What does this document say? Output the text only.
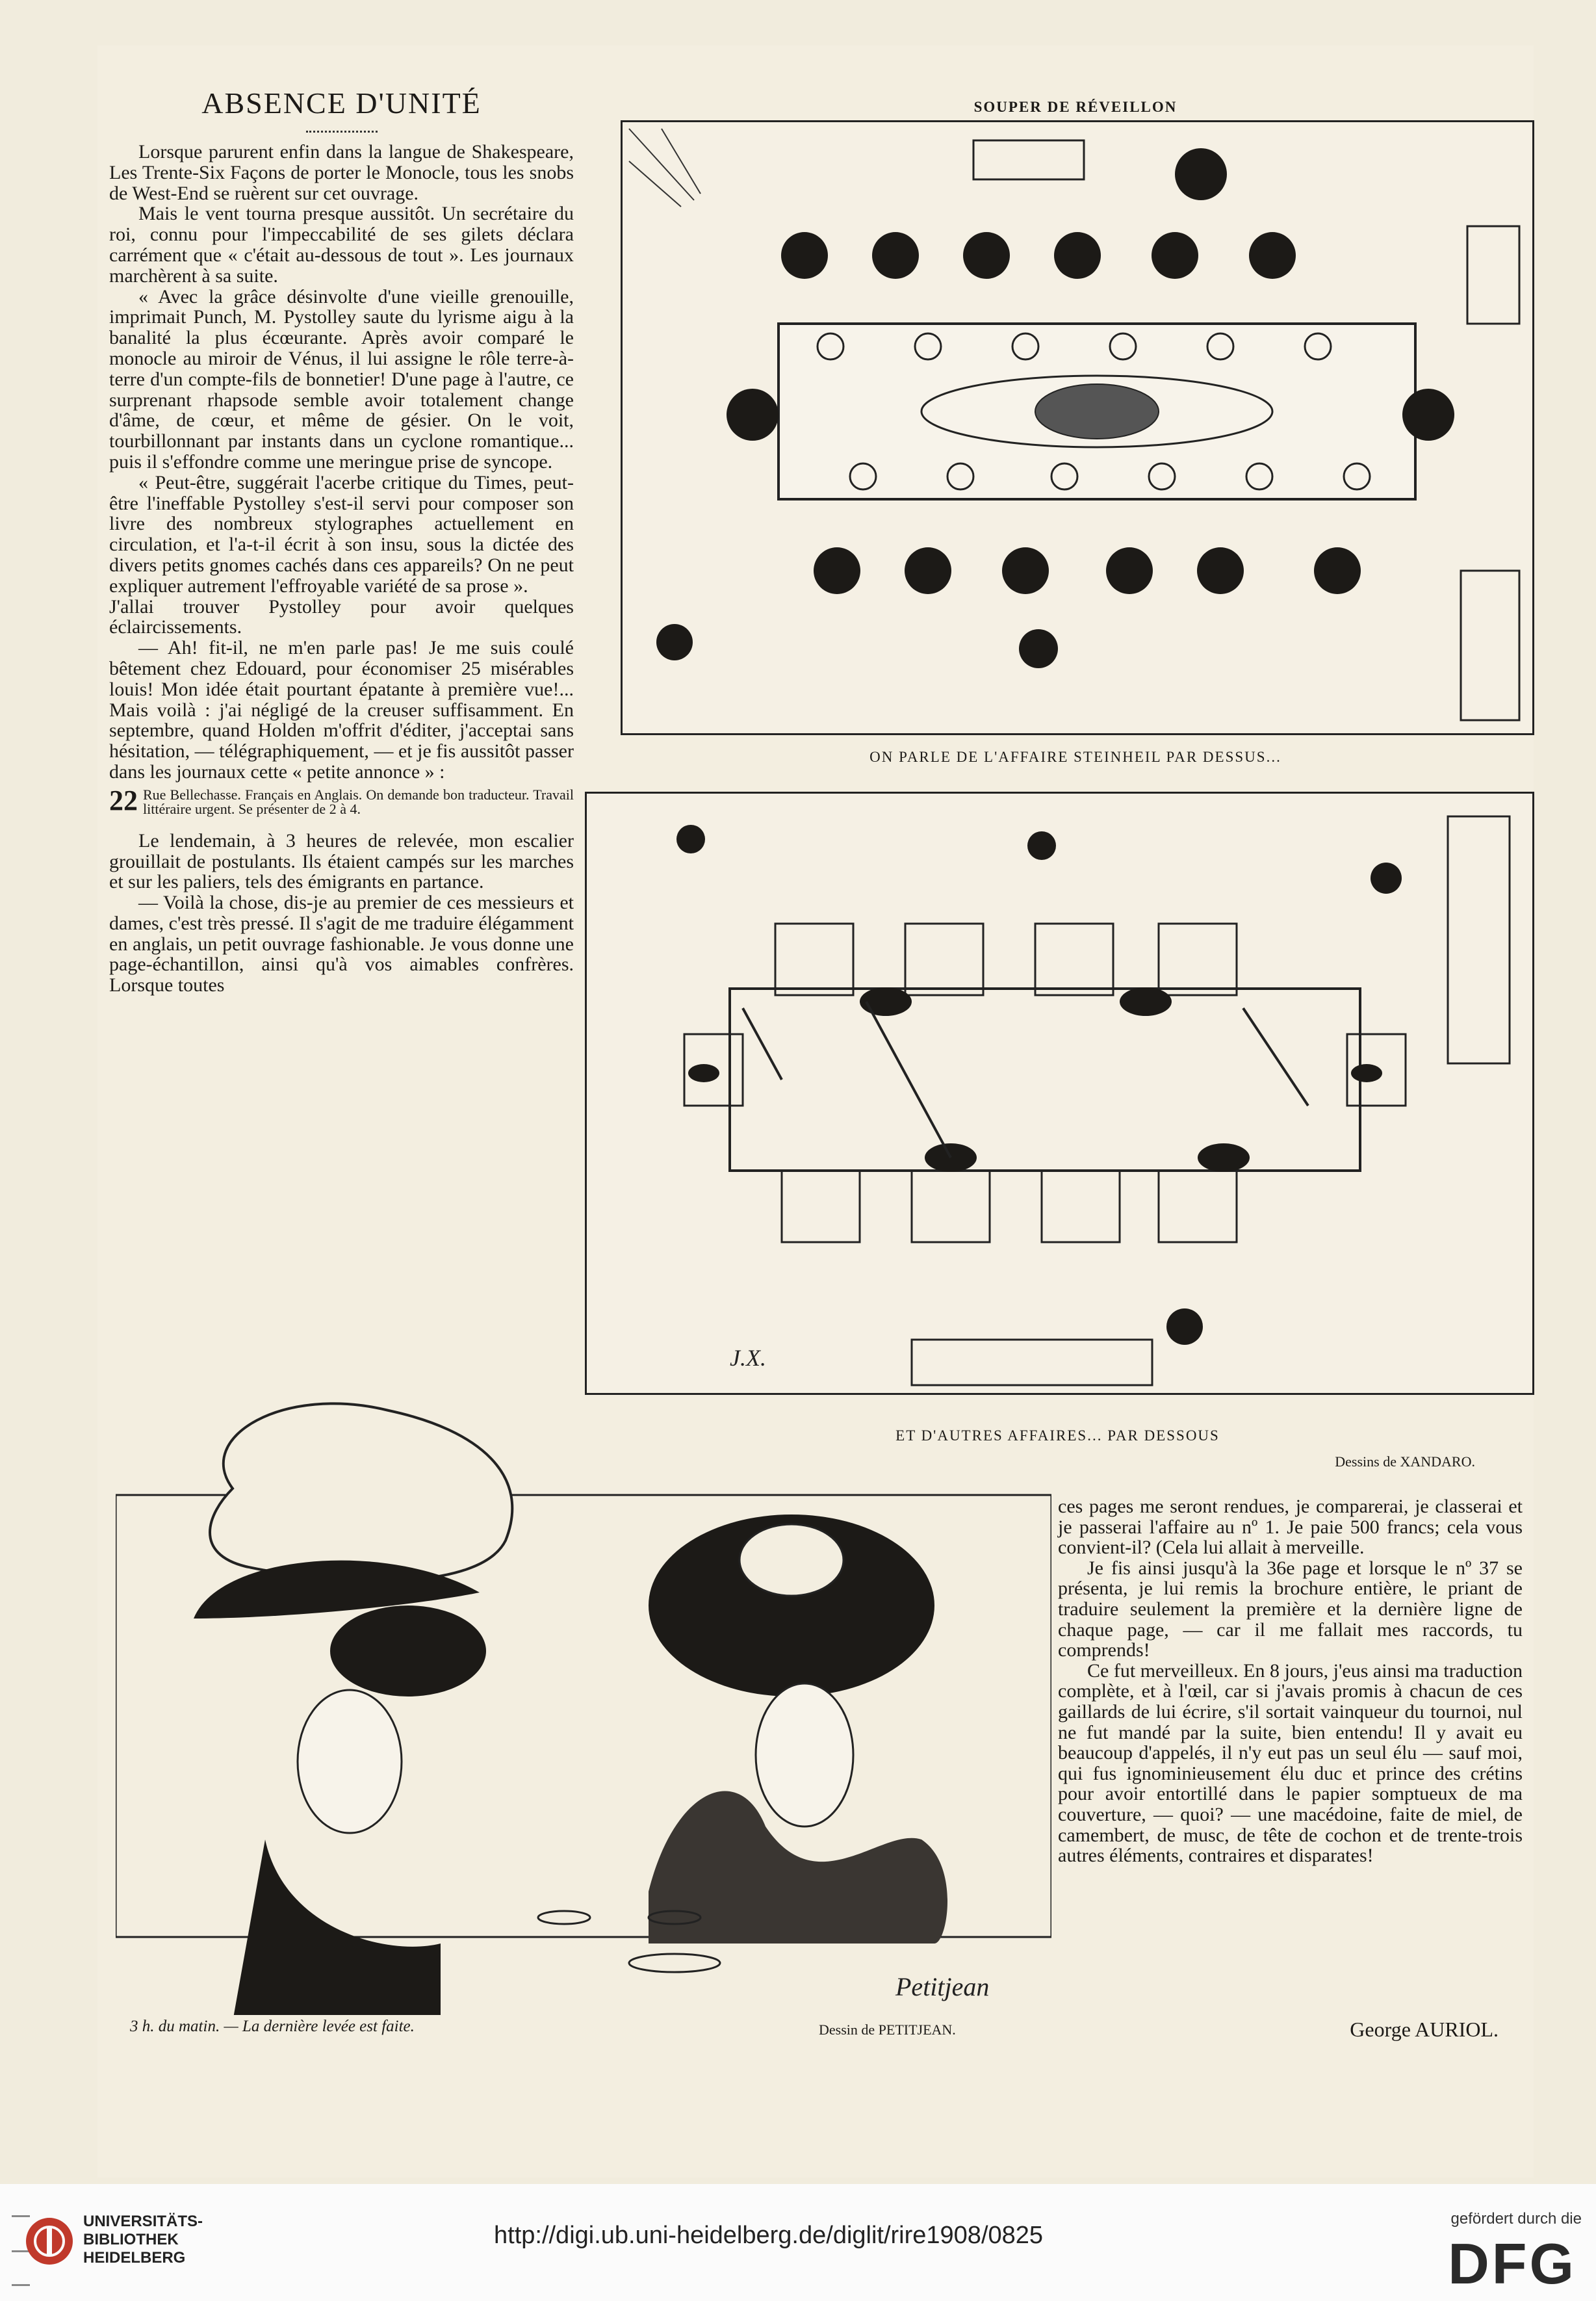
ABSENCE D'UNITÉ

Lorsque parurent enfin dans la langue de Shakespeare, Les Trente-Six Façons de porter le Monocle, tous les snobs de West-End se ruèrent sur cet ouvrage.

Mais le vent tourna presque aussitôt. Un secrétaire du roi, connu pour l'impeccabilité de ses gilets déclara carrément que « c'était au-dessous de tout ». Les journaux marchèrent à sa suite.

« Avec la grâce désinvolte d'une vieille grenouille, imprimait Punch, M. Pystolley saute du lyrisme aigu à la banalité la plus écœurante. Après avoir comparé le monocle au miroir de Vénus, il lui assigne le rôle terre-à-terre d'un compte-fils de bonnetier! D'une page à l'autre, ce surprenant rhapsode semble avoir totalement change d'âme, de cœur, et même de gésier. On le voit, tourbillonnant par instants dans un cyclone romantique... puis il s'effondre comme une meringue prise de syncope.

« Peut-être, suggérait l'acerbe critique du Times, peut-être l'ineffable Pystolley s'est-il servi pour composer son livre des nombreux stylographes actuellement en circulation, et l'a-t-il écrit à son insu, sous la dictée des divers petits gnomes cachés dans ces appareils? On ne peut expliquer autrement l'effroyable variété de sa prose ».

J'allai trouver Pystolley pour avoir quelques éclaircissements.

— Ah! fit-il, ne m'en parle pas! Je me suis coulé bêtement chez Edouard, pour économiser 25 misérables louis! Mon idée était pourtant épatante à première vue!... Mais voilà : j'ai négligé de la creuser suffisamment. En septembre, quand Holden m'offrit d'éditer, j'acceptai sans hésitation, — télégraphiquement, — et je fis aussitôt passer dans les journaux cette « petite annonce » :

22 Rue Bellechasse. Français en Anglais. On demande bon traducteur. Travail littéraire urgent. Se présenter de 2 à 4.

Le lendemain, à 3 heures de relevée, mon escalier grouillait de postulants. Ils étaient campés sur les marches et sur les paliers, tels des émigrants en partance.

— Voilà la chose, dis-je au premier de ces messieurs et dames, c'est très pressé. Il s'agit de me traduire élégamment en anglais, un petit ouvrage fashionable. Je vous donne une page-échantillon, ainsi qu'à vos aimables confrères. Lorsque toutes

SOUPER DE RÉVEILLON
ON PARLE DE L'AFFAIRE STEINHEIL PAR DESSUS...
J.X.
ET D'AUTRES AFFAIRES... PAR DESSOUS
Dessins de XANDARO.
Petitjean
3 h. du matin. — La dernière levée est faite.	Dessin de PETITJEAN.

ces pages me seront rendues, je comparerai, je classerai et je passerai l'affaire au nº 1. Je paie 500 francs; cela vous convient-il? (Cela lui allait à merveille.

Je fis ainsi jusqu'à la 36e page et lorsque le nº 37 se présenta, je lui remis la brochure entière, le priant de traduire seulement la première et la dernière ligne de chaque page, — car il me fallait mes raccords, tu comprends!

Ce fut merveilleux. En 8 jours, j'eus ainsi ma traduction complète, et à l'œil, car si j'avais promis à chacun de ces gaillards de lui écrire, s'il sortait vainqueur du tournoi, nul ne fut mandé par la suite, bien entendu! Il y avait eu beaucoup d'appelés, il n'y eut pas un seul élu — sauf moi, qui fus ignominieusement élu duc et prince des crétins pour avoir entortillé dans le papier somptueux de ma couverture, — quoi? — une macédoine, faite de miel, de camembert, de musc, de tête de cochon et de trente-trois autres éléments, contraires et disparates!

George AURIOL.
UNIVERSITÄTS-
BIBLIOTHEK
HEIDELBERG
http://digi.ub.uni-heidelberg.de/diglit/rire1908/0825
gefördert durch die
DFG
